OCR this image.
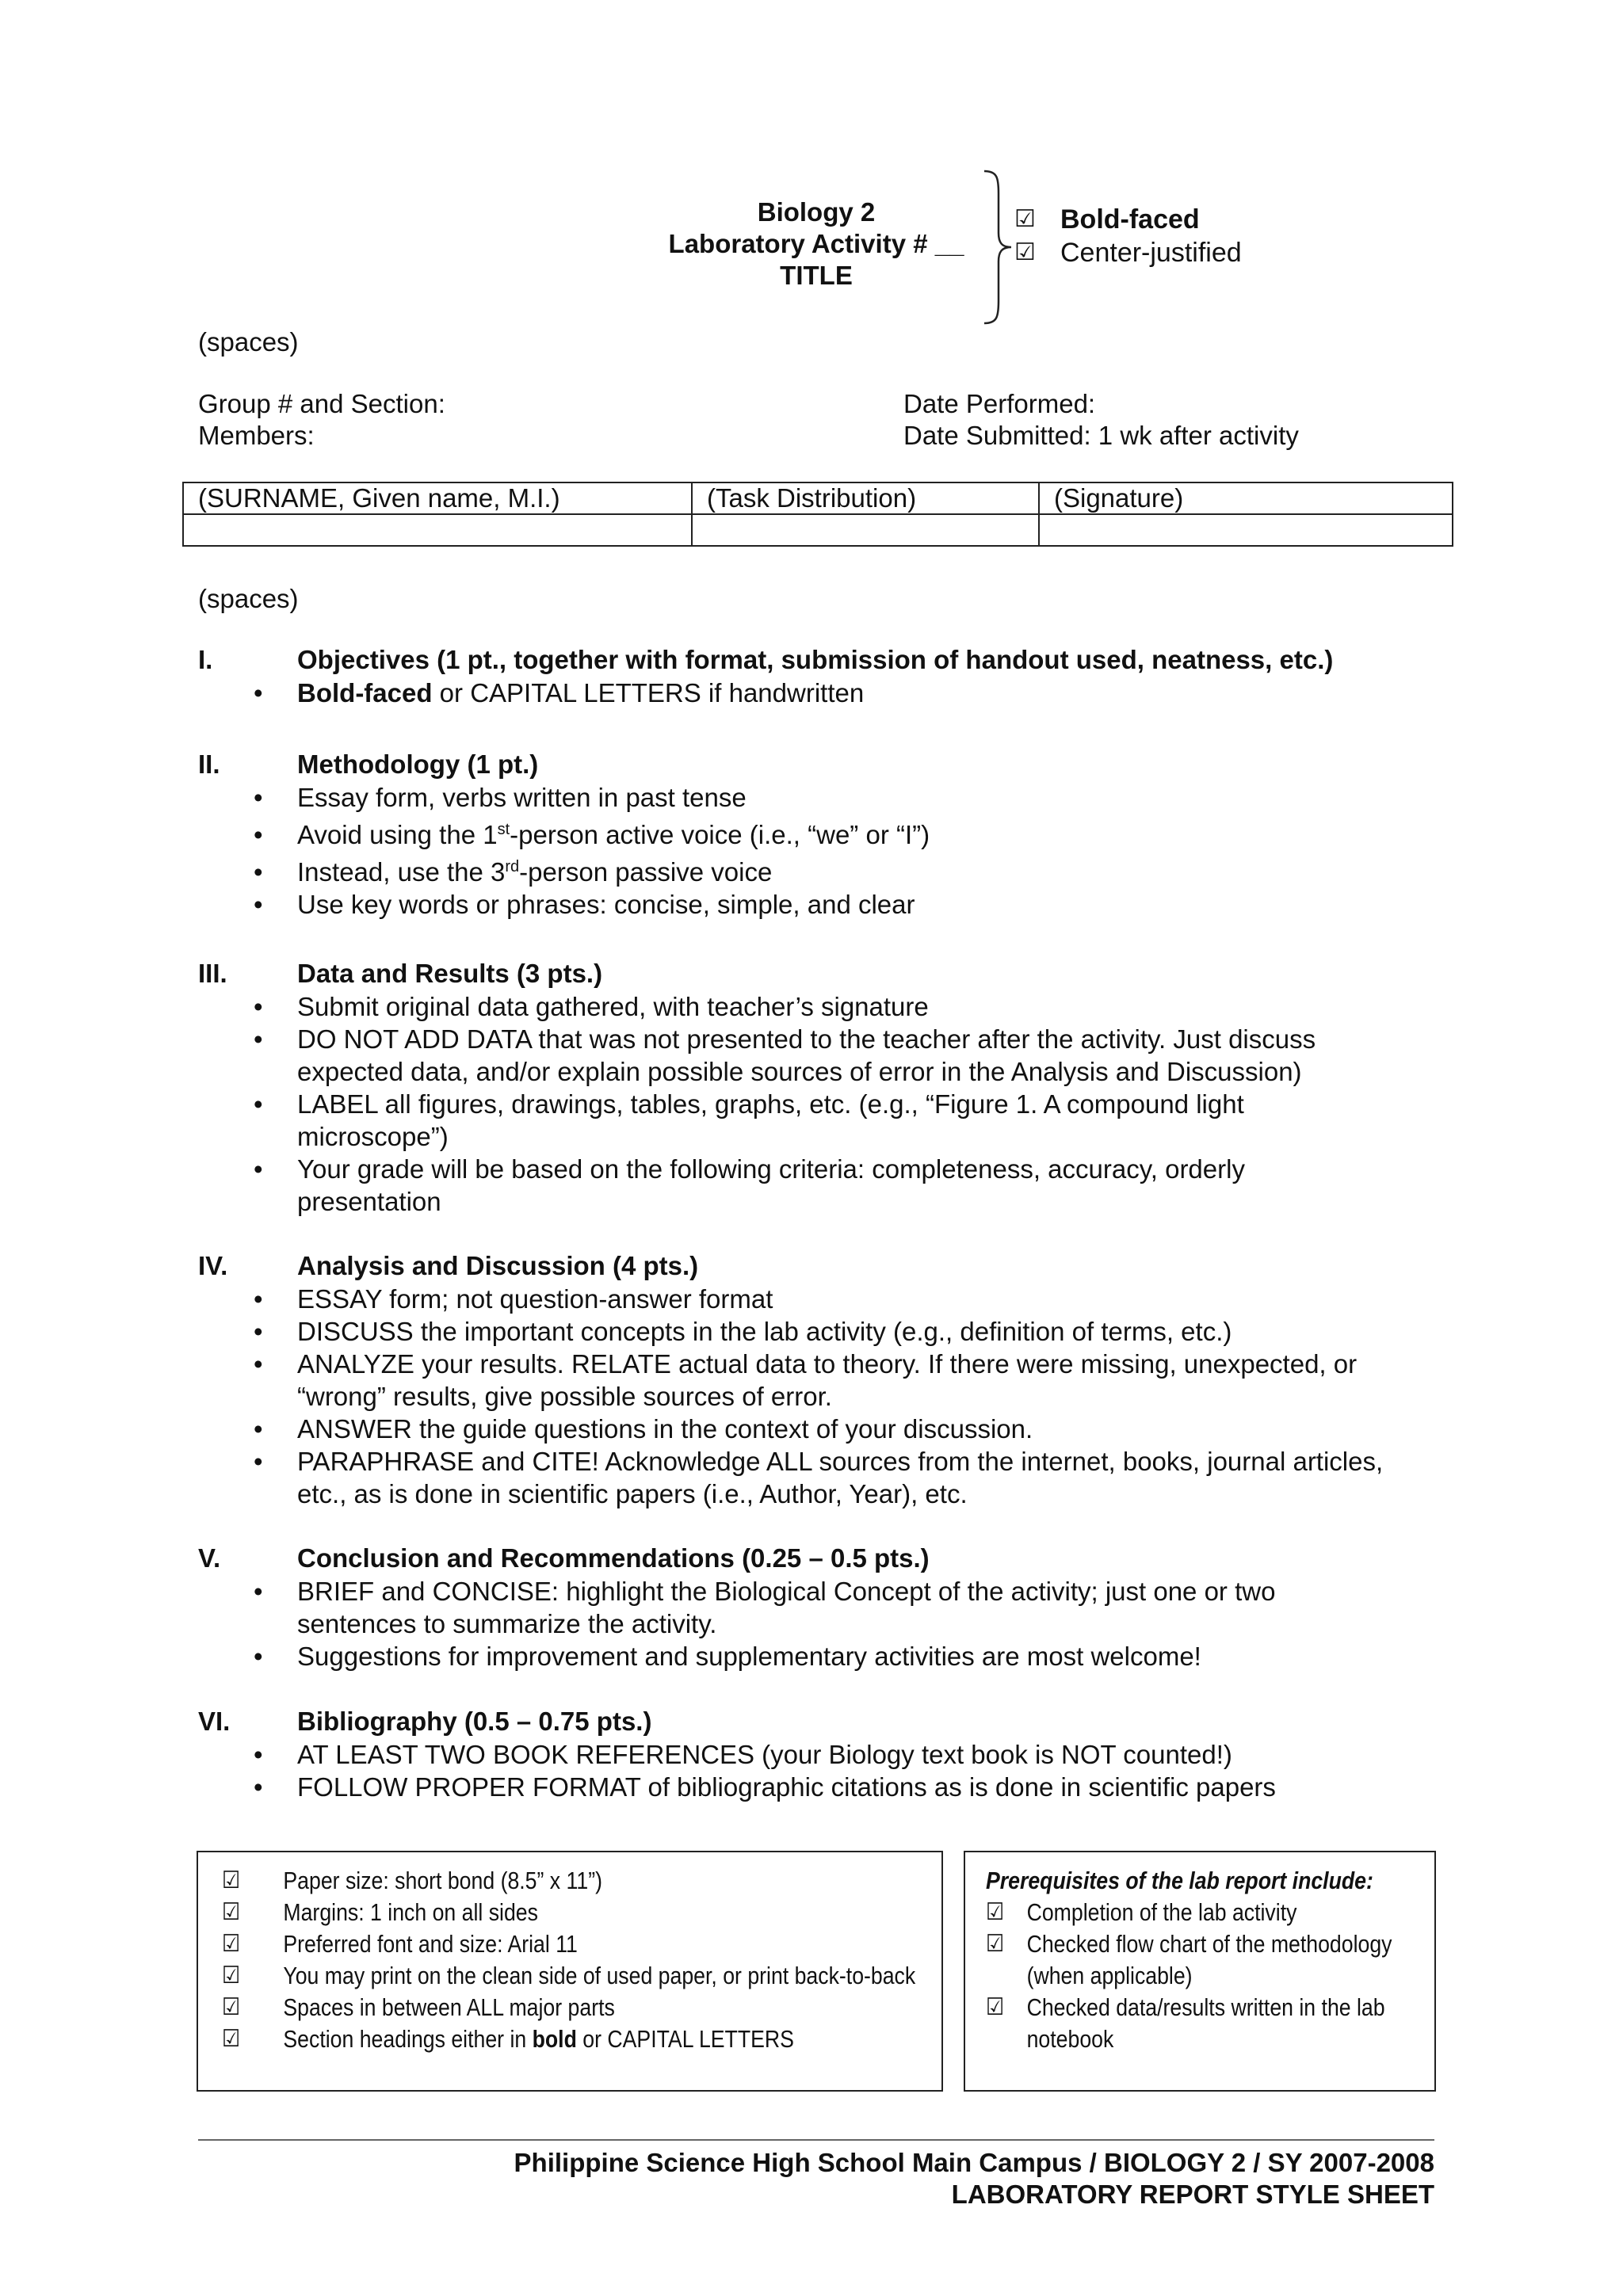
Biology 2
Laboratory Activity # __
TITLE
☑ Bold-faced
☑ Center-justified
(spaces)
Group # and Section:
Members:
Date Performed:
Date Submitted: 1 wk after activity
(SURNAME, Given name, M.I.)	(Task Distribution)	(Signature)

(spaces)
I.	Objectives (1 pt., together with format, submission of handout used, neatness, etc.)
• Bold-faced or CAPITAL LETTERS if handwritten
II.	Methodology (1 pt.)
• Essay form, verbs written in past tense
• Avoid using the 1st-person active voice (i.e., “we” or “I”)
• Instead, use the 3rd-person passive voice
• Use key words or phrases: concise, simple, and clear
III.	Data and Results (3 pts.)
• Submit original data gathered, with teacher’s signature
• DO NOT ADD DATA that was not presented to the teacher after the activity. Just discuss expected data, and/or explain possible sources of error in the Analysis and Discussion)
• LABEL all figures, drawings, tables, graphs, etc. (e.g., “Figure 1. A compound light microscope”)
• Your grade will be based on the following criteria: completeness, accuracy, orderly presentation
IV.	Analysis and Discussion (4 pts.)
• ESSAY form; not question-answer format
• DISCUSS the important concepts in the lab activity (e.g., definition of terms, etc.)
• ANALYZE your results. RELATE actual data to theory. If there were missing, unexpected, or “wrong” results, give possible sources of error.
• ANSWER the guide questions in the context of your discussion.
• PARAPHRASE and CITE! Acknowledge ALL sources from the internet, books, journal articles, etc., as is done in scientific papers (i.e., Author, Year), etc.
V.	Conclusion and Recommendations (0.25 – 0.5 pts.)
• BRIEF and CONCISE: highlight the Biological Concept of the activity; just one or two sentences to summarize the activity.
• Suggestions for improvement and supplementary activities are most welcome!
VI.	Bibliography (0.5 – 0.75 pts.)
• AT LEAST TWO BOOK REFERENCES (your Biology text book is NOT counted!)
• FOLLOW PROPER FORMAT of bibliographic citations as is done in scientific papers
☑ Paper size: short bond (8.5” x 11”)
☑ Margins: 1 inch on all sides
☑ Preferred font and size: Arial 11
☑ You may print on the clean side of used paper, or print back-to-back
☑ Spaces in between ALL major parts
☑ Section headings either in bold or CAPITAL LETTERS
Prerequisites of the lab report include:
☑ Completion of the lab activity
☑ Checked flow chart of the methodology (when applicable)
☑ Checked data/results written in the lab notebook
Philippine Science High School Main Campus / BIOLOGY 2 / SY 2007-2008
LABORATORY REPORT STYLE SHEET
